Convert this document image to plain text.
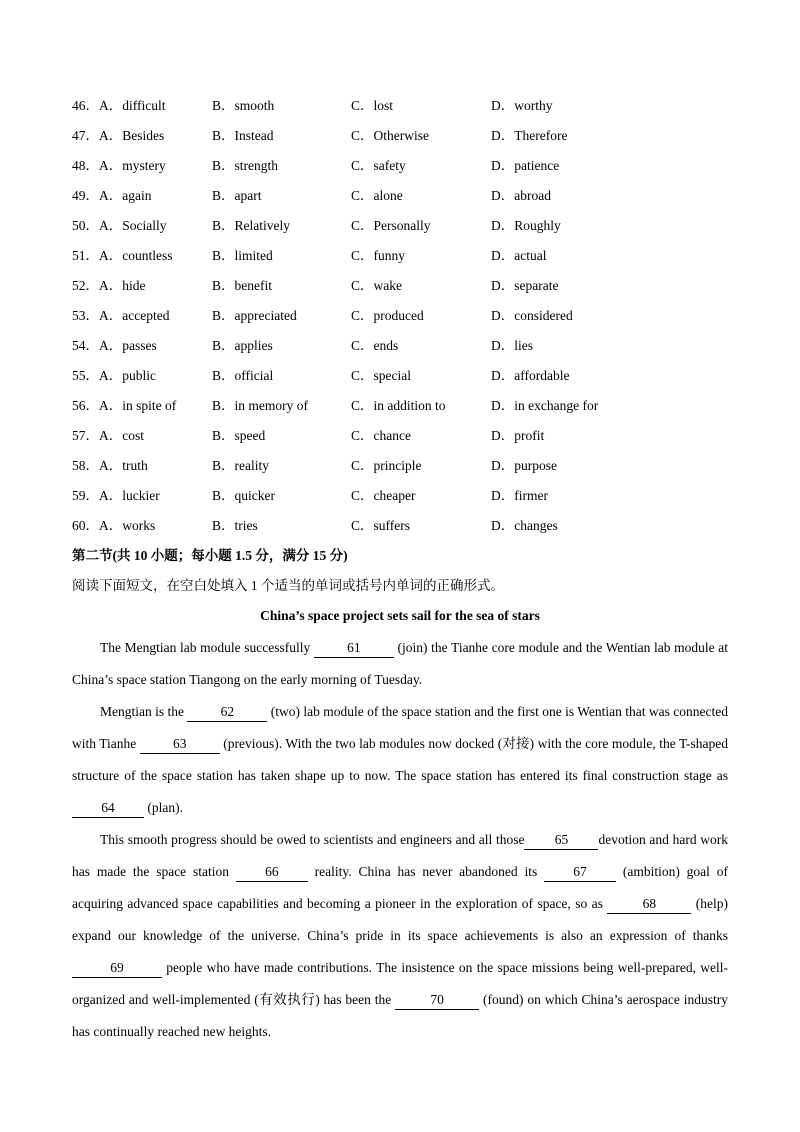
46．A．difficult	B．smooth	C．lost	D．worthy
47．A．Besides	B．Instead	C．Otherwise	D．Therefore
48．A．mystery	B．strength	C．safety	D．patience
49．A．again	B．apart	C．alone	D．abroad
50．A．Socially	B．Relatively	C．Personally	D．Roughly
51．A．countless	B．limited	C．funny	D．actual
52．A．hide	B．benefit	C．wake	D．separate
53．A．accepted	B．appreciated	C．produced	D．considered
54．A．passes	B．applies	C．ends	D．lies
55．A．public	B．official	C．special	D．affordable
56．A．in spite of	B．in memory of	C．in addition to	D．in exchange for
57．A．cost	B．speed	C．chance	D．profit
58．A．truth	B．reality	C．principle	D．purpose
59．A．luckier	B．quicker	C．cheaper	D．firmer
60．A．works	B．tries	C．suffers	D．changes
第二节(共 10 小题；每小题 1.5 分，满分 15 分)
阅读下面短文，在空白处填入 1 个适当的单词或括号内单词的正确形式。
China’s space project sets sail for the sea of stars

The Mengtian lab module successfully 61 (join) the Tianhe core module and the Wentian lab module at China’s space station Tiangong on the early morning of Tuesday.

Mengtian is the 62 (two) lab module of the space station and the first one is Wentian that was connected with Tianhe 63 (previous). With the two lab modules now docked (对接) with the core module, the T-shaped structure of the space station has taken shape up to now. The space station has entered its final construction stage as 64 (plan).

This smooth progress should be owed to scientists and engineers and all those 65 devotion and hard work has made the space station 66 reality. China has never abandoned its 67 (ambition) goal of acquiring advanced space capabilities and becoming a pioneer in the exploration of space, so as	68	(help) expand our knowledge of the universe. China’s pride in its space achievements is also an expression of thanks 69	people who have made contributions. The insistence on the space missions being well-prepared, well-organized and well-implemented (有效执行) has been the	70	(found) on which China’s aerospace industry has continually reached new heights.
